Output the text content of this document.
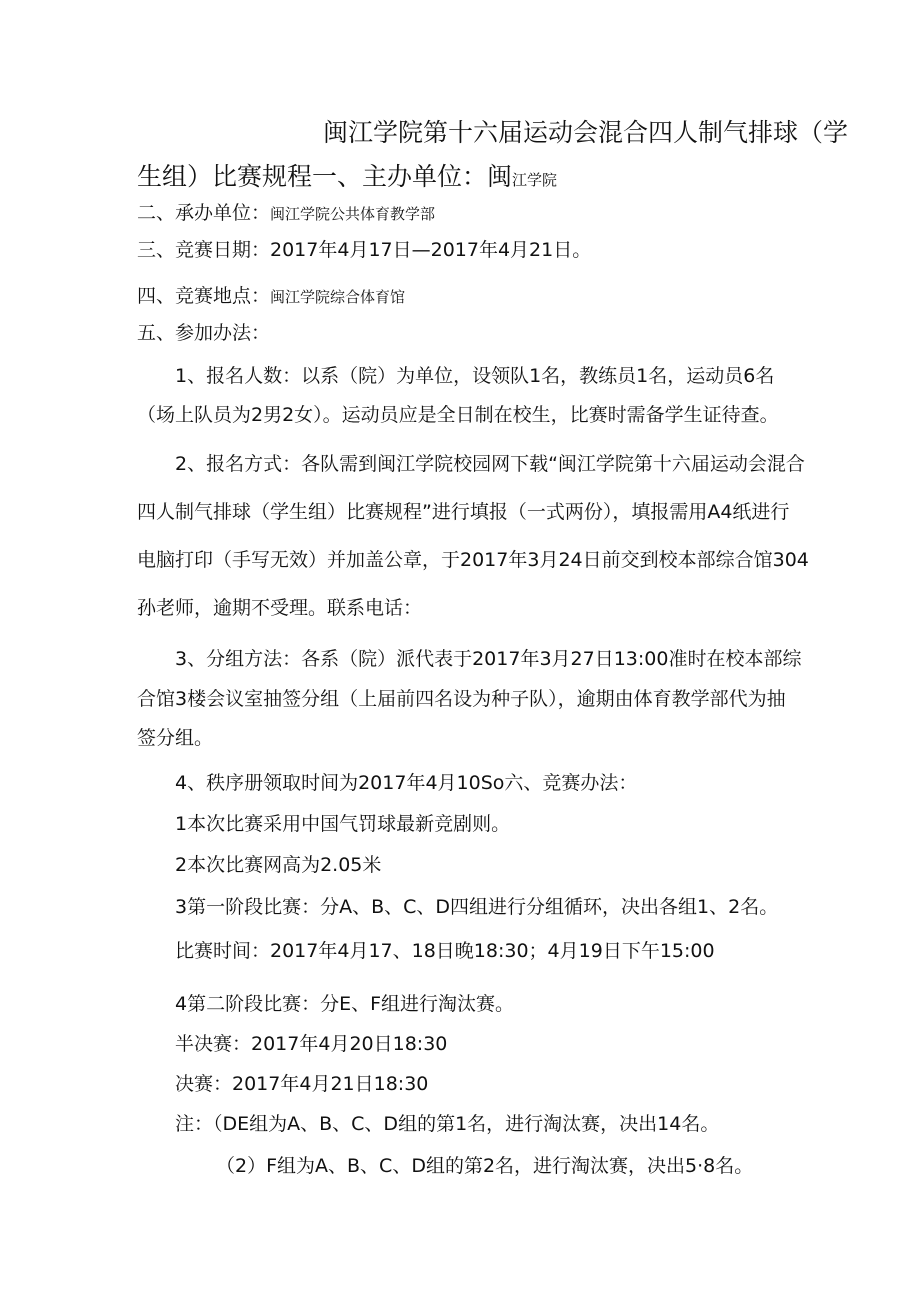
闽江学院第十六届运动会混合四人制气排球（学
生组）比赛规程一、主办单位：闽江学院
二、承办单位：闽江学院公共体育教学部
三、竞赛日期：2017年4月17日—2017年4月21日。
四、竞赛地点：闽江学院综合体育馆
五、参加办法：
1、报名人数：以系（院）为单位，设领队1名，教练员1名，运动员6名
（场上队员为2男2女）。运动员应是全日制在校生，比赛时需备学生证待查。
2、报名方式：各队需到闽江学院校园网下载“闽江学院第十六届运动会混合
四人制气排球（学生组）比赛规程”进行填报（一式两份），填报需用A4纸进行
电脑打印（手写无效）并加盖公章，于2017年3月24日前交到校本部综合馆304
孙老师，逾期不受理。联系电话：
3、分组方法：各系（院）派代表于2017年3月27日13:00准时在校本部综
合馆3楼会议室抽签分组（上届前四名设为种子队），逾期由体育教学部代为抽
签分组。
4、秩序册领取时间为2017年4月10So六、竞赛办法：
1本次比赛采用中国气罚球最新竞剧则。
2本次比赛网高为2.05米
3第一阶段比赛：分A、B、C、D四组进行分组循环，决出各组1、2名。
比赛时间：2017年4月17、18日晚18:30；4月19日下午15:00
4第二阶段比赛：分E、F组进行淘汰赛。
半决赛：2017年4月20日18:30
决赛：2017年4月21日18:30
注：（DE组为A、B、C、D组的第1名，进行淘汰赛，决出14名。
（2）F组为A、B、C、D组的第2名，进行淘汰赛，决出5·8名。
